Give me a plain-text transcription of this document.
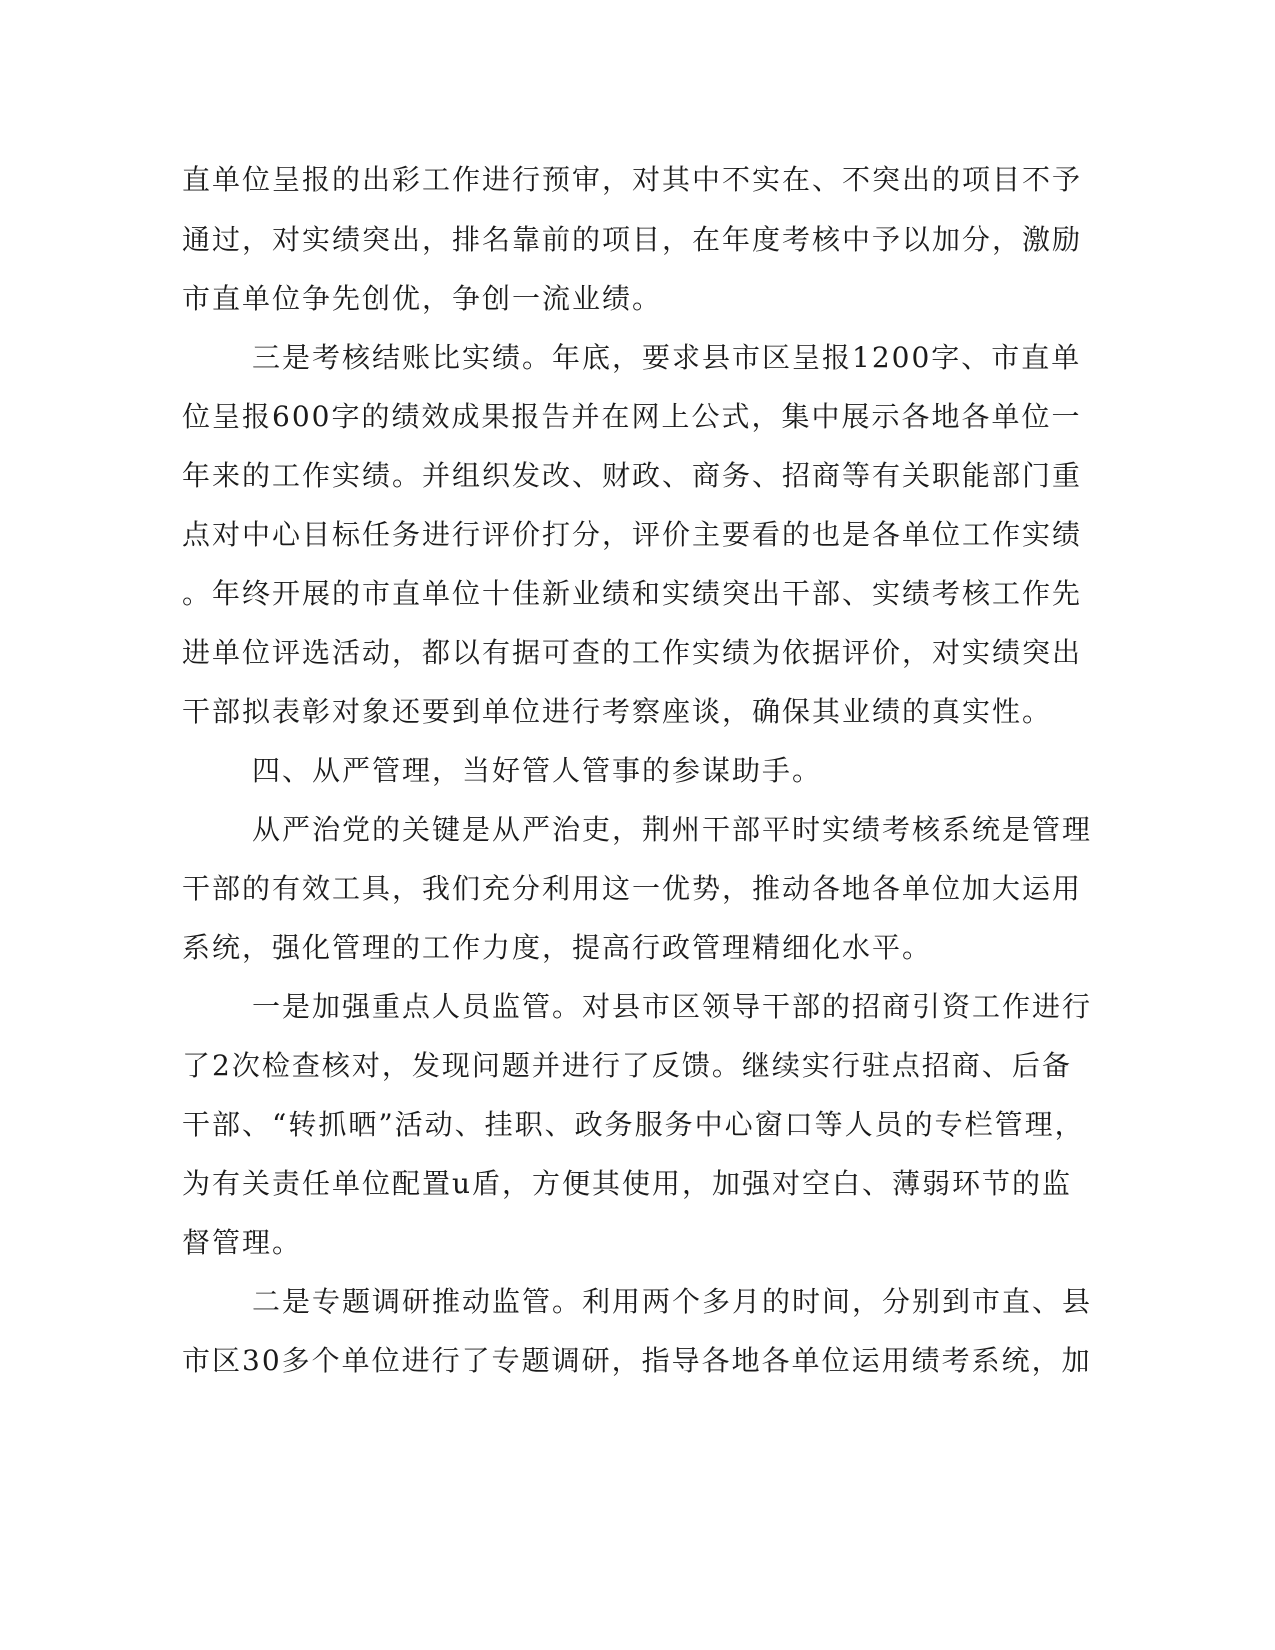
直单位呈报的出彩工作进行预审，对其中不实在、不突出的项目不予
通过，对实绩突出，排名靠前的项目，在年度考核中予以加分，激励
市直单位争先创优，争创一流业绩。
三是考核结账比实绩。年底，要求县市区呈报1200字、市直单
位呈报600字的绩效成果报告并在网上公式，集中展示各地各单位一
年来的工作实绩。并组织发改、财政、商务、招商等有关职能部门重
点对中心目标任务进行评价打分，评价主要看的也是各单位工作实绩
。年终开展的市直单位十佳新业绩和实绩突出干部、实绩考核工作先
进单位评选活动，都以有据可查的工作实绩为依据评价，对实绩突出
干部拟表彰对象还要到单位进行考察座谈，确保其业绩的真实性。
四、从严管理，当好管人管事的参谋助手。
从严治党的关键是从严治吏，荆州干部平时实绩考核系统是管理
干部的有效工具，我们充分利用这一优势，推动各地各单位加大运用
系统，强化管理的工作力度，提高行政管理精细化水平。
一是加强重点人员监管。对县市区领导干部的招商引资工作进行
了2次检查核对，发现问题并进行了反馈。继续实行驻点招商、后备
干部、“转抓晒”活动、挂职、政务服务中心窗口等人员的专栏管理，
为有关责任单位配置u盾，方便其使用，加强对空白、薄弱环节的监
督管理。
二是专题调研推动监管。利用两个多月的时间，分别到市直、县
市区30多个单位进行了专题调研，指导各地各单位运用绩考系统，加
